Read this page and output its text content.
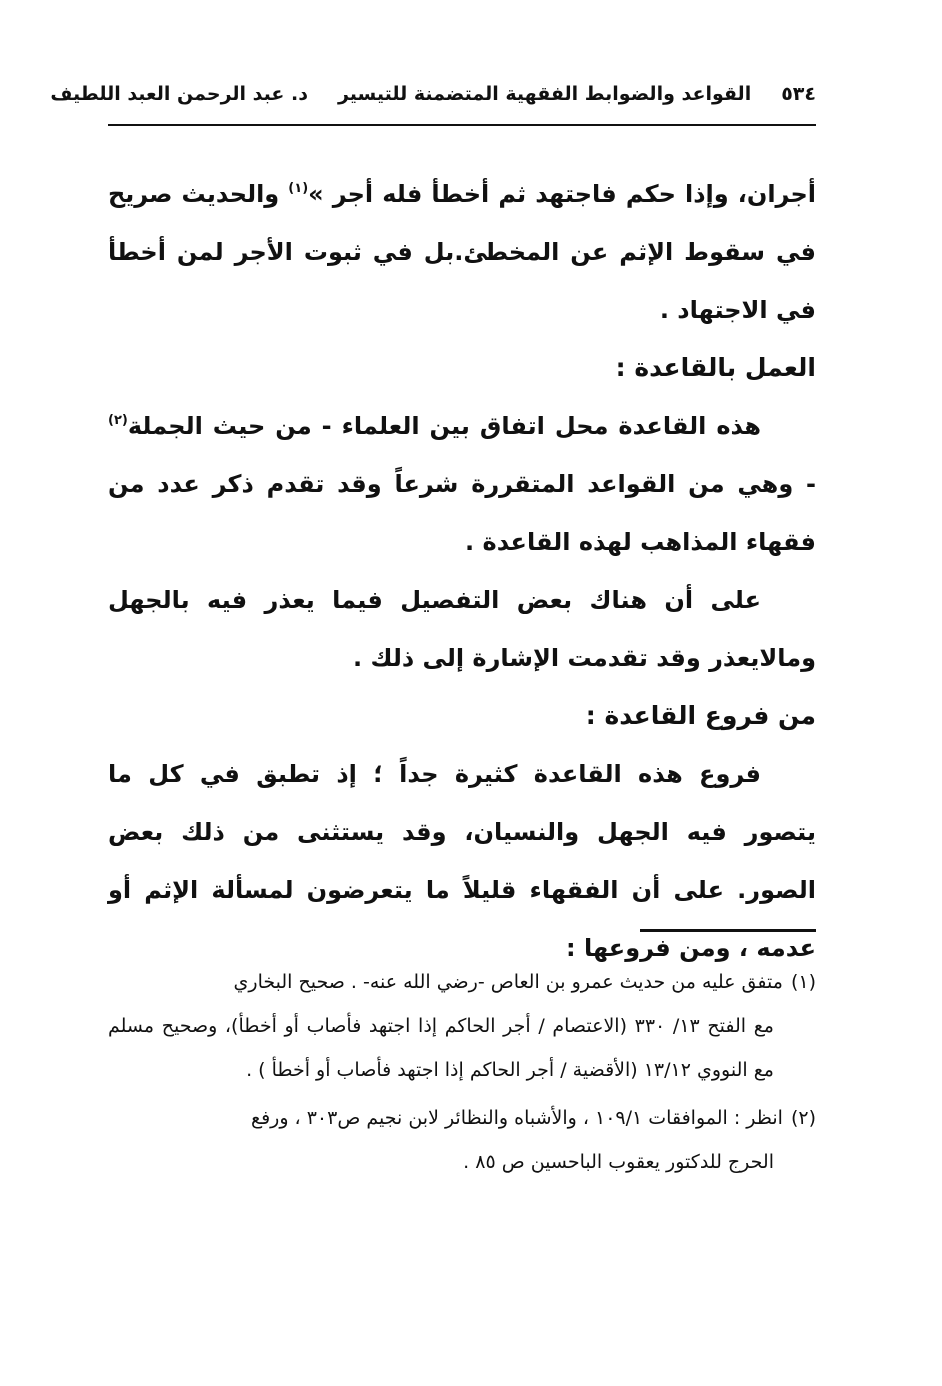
٥٣٤
القواعد والضوابط الفقهية المتضمنة للتيسير
د. عبد الرحمن العبد اللطيف

أجران، وإذا حكم فاجتهد ثم أخطأ فله أجر »$^{(١)}$ والحديث صريح في سقوط الإثم عن المخطئ.بل في ثبوت الأجر لمن أخطأ في الاجتهاد .

العمل بالقاعدة :

هذه القاعدة محل اتفاق بين العلماء - من حيث الجملة$^{(٢)}$ - وهي من القواعد المتقررة شرعاً وقد تقدم ذكر عدد من فقهاء المذاهب لهذه القاعدة .

على أن هناك بعض التفصيل فيما يعذر فيه بالجهل ومالايعذر وقد تقدمت الإشارة إلى ذلك .

من فروع القاعدة :

فروع هذه القاعدة كثيرة جداً ؛ إذ تطبق في كل ما يتصور فيه الجهل والنسيان، وقد يستثنى من ذلك بعض الصور. على أن الفقهاء قليلاً ما يتعرضون لمسألة الإثم أو عدمه ، ومن فروعها :

(١)متفق عليه من حديث عمرو بن العاص -رضي الله عنه- . صحيح البخاري
مع الفتح ١٣/ ٣٣٠ (الاعتصام / أجر الحاكم إذا اجتهد فأصاب أو أخطأ)، وصحيح مسلم مع النووي ١٣/١٢ (الأقضية / أجر الحاكم إذا اجتهد فأصاب أو أخطأ ) .
(٢)انظر : الموافقات ١٠٩/١ ، والأشباه والنظائر لابن نجيم ص٣٠٣ ، ورفع
الحرج للدكتور يعقوب الباحسين ص ٨٥ .
